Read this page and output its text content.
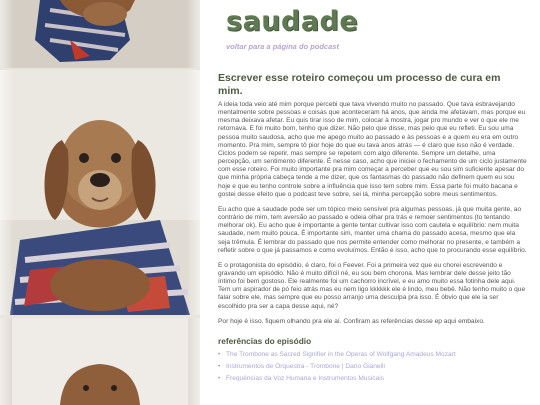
saudade
voltar para a página do podcast
Escrever esse roteiro começou um processo de cura em mim.

A ideia toda veio até mim porque percebi que tava vivendo muito no passado. Que tava esbravejando mentalmente sobre pessoas e coisas que aconteceram há anos, que ainda me afetavam, mas porque eu mesma deixava afetar. Eu quis tirar isso de mim, colocar à mostra, jogar pro mundo e ver o que ele me retornava. E foi muito bom, tenho que dizer. Não pelo que disse, mas pelo que eu refleti. Eu sou uma pessoa muito saudosa, acho que me apego muito ao passado e às pessoas e a quem eu era em outro momento. Pra mim, sempre tô pior hoje do que eu tava anos atrás — é claro que isso não é verdade. Ciclos podem se repetir, mas sempre se repetem com algo diferente. Sempre um detalhe, uma percepção, um sentimento diferente. É nesse caso, acho que iniciei o fechamento de um ciclo justamente com esse roteiro. Foi muito importante pra mim começar a perceber que eu sou sim suficiente apesar do que minha própria cabeça tende a me dizer, que os fantasmas do passado não definem quem eu sou hoje e que eu tenho controle sobre a influência que isso tem sobre mim. Essa parte foi muito bacana e gostei desse efeito que o podcast teve sobre, sei lá, minha percepção sobre meus sentimentos.

Eu acho que a saudade pode ser um tópico meio sensível pra algumas pessoas, já que muita gente, ao contrário de mim, tem aversão ao passado e odeia olhar pra trás e remoer sentimentos (to tentando melhorar ok). Eu acho que é importante a gente tentar cultivar isso com cautela e equilíbrio: nem muita saudade, nem muito pouca. É importante sim, manter uma chama do passado acesa, mesmo que ela seja trêmula. É lembrar do passado que nos permite entender como melhorar no presente, e também a refletir sobre o que já passamos e como evoluímos. Então é isso, acho que to procurando esse equilíbrio.

E o protagonista do episódio, é claro, foi o Feever. Foi a primeira vez que eu chorei escrevendo e gravando um episódio. Não é muito difícil né, eu sou bem chorona. Mas lembrar dele desse jeito tão íntimo foi bem gostoso. Ele realmente foi um cachorro incrível, e eu amo muito essa fotinha dele aqui. Tem um aspirador de pó feio atrás mas eu nem ligo kkkkkk ele é lindo, meu bebê. Não tenho muito o que falar sobre ele, mas sempre que eu posso arranjo uma desculpa pra isso. É óbvio que ele ia ser escolhido pra ser a capa desse aqui, né?

Por hoje é isso. fiquem olhando pra ele aí. Confiram as referências desse ep aqui embaixo.

referências do episódio
• The Trombone as Sacred Signifier in the Operas of Wolfgang Amadeus Mozart
• Instrumentos de Orquestra - Trombone | Dario Gianelli
• Frequências da Voz Humana e Instrumentos Musicais
